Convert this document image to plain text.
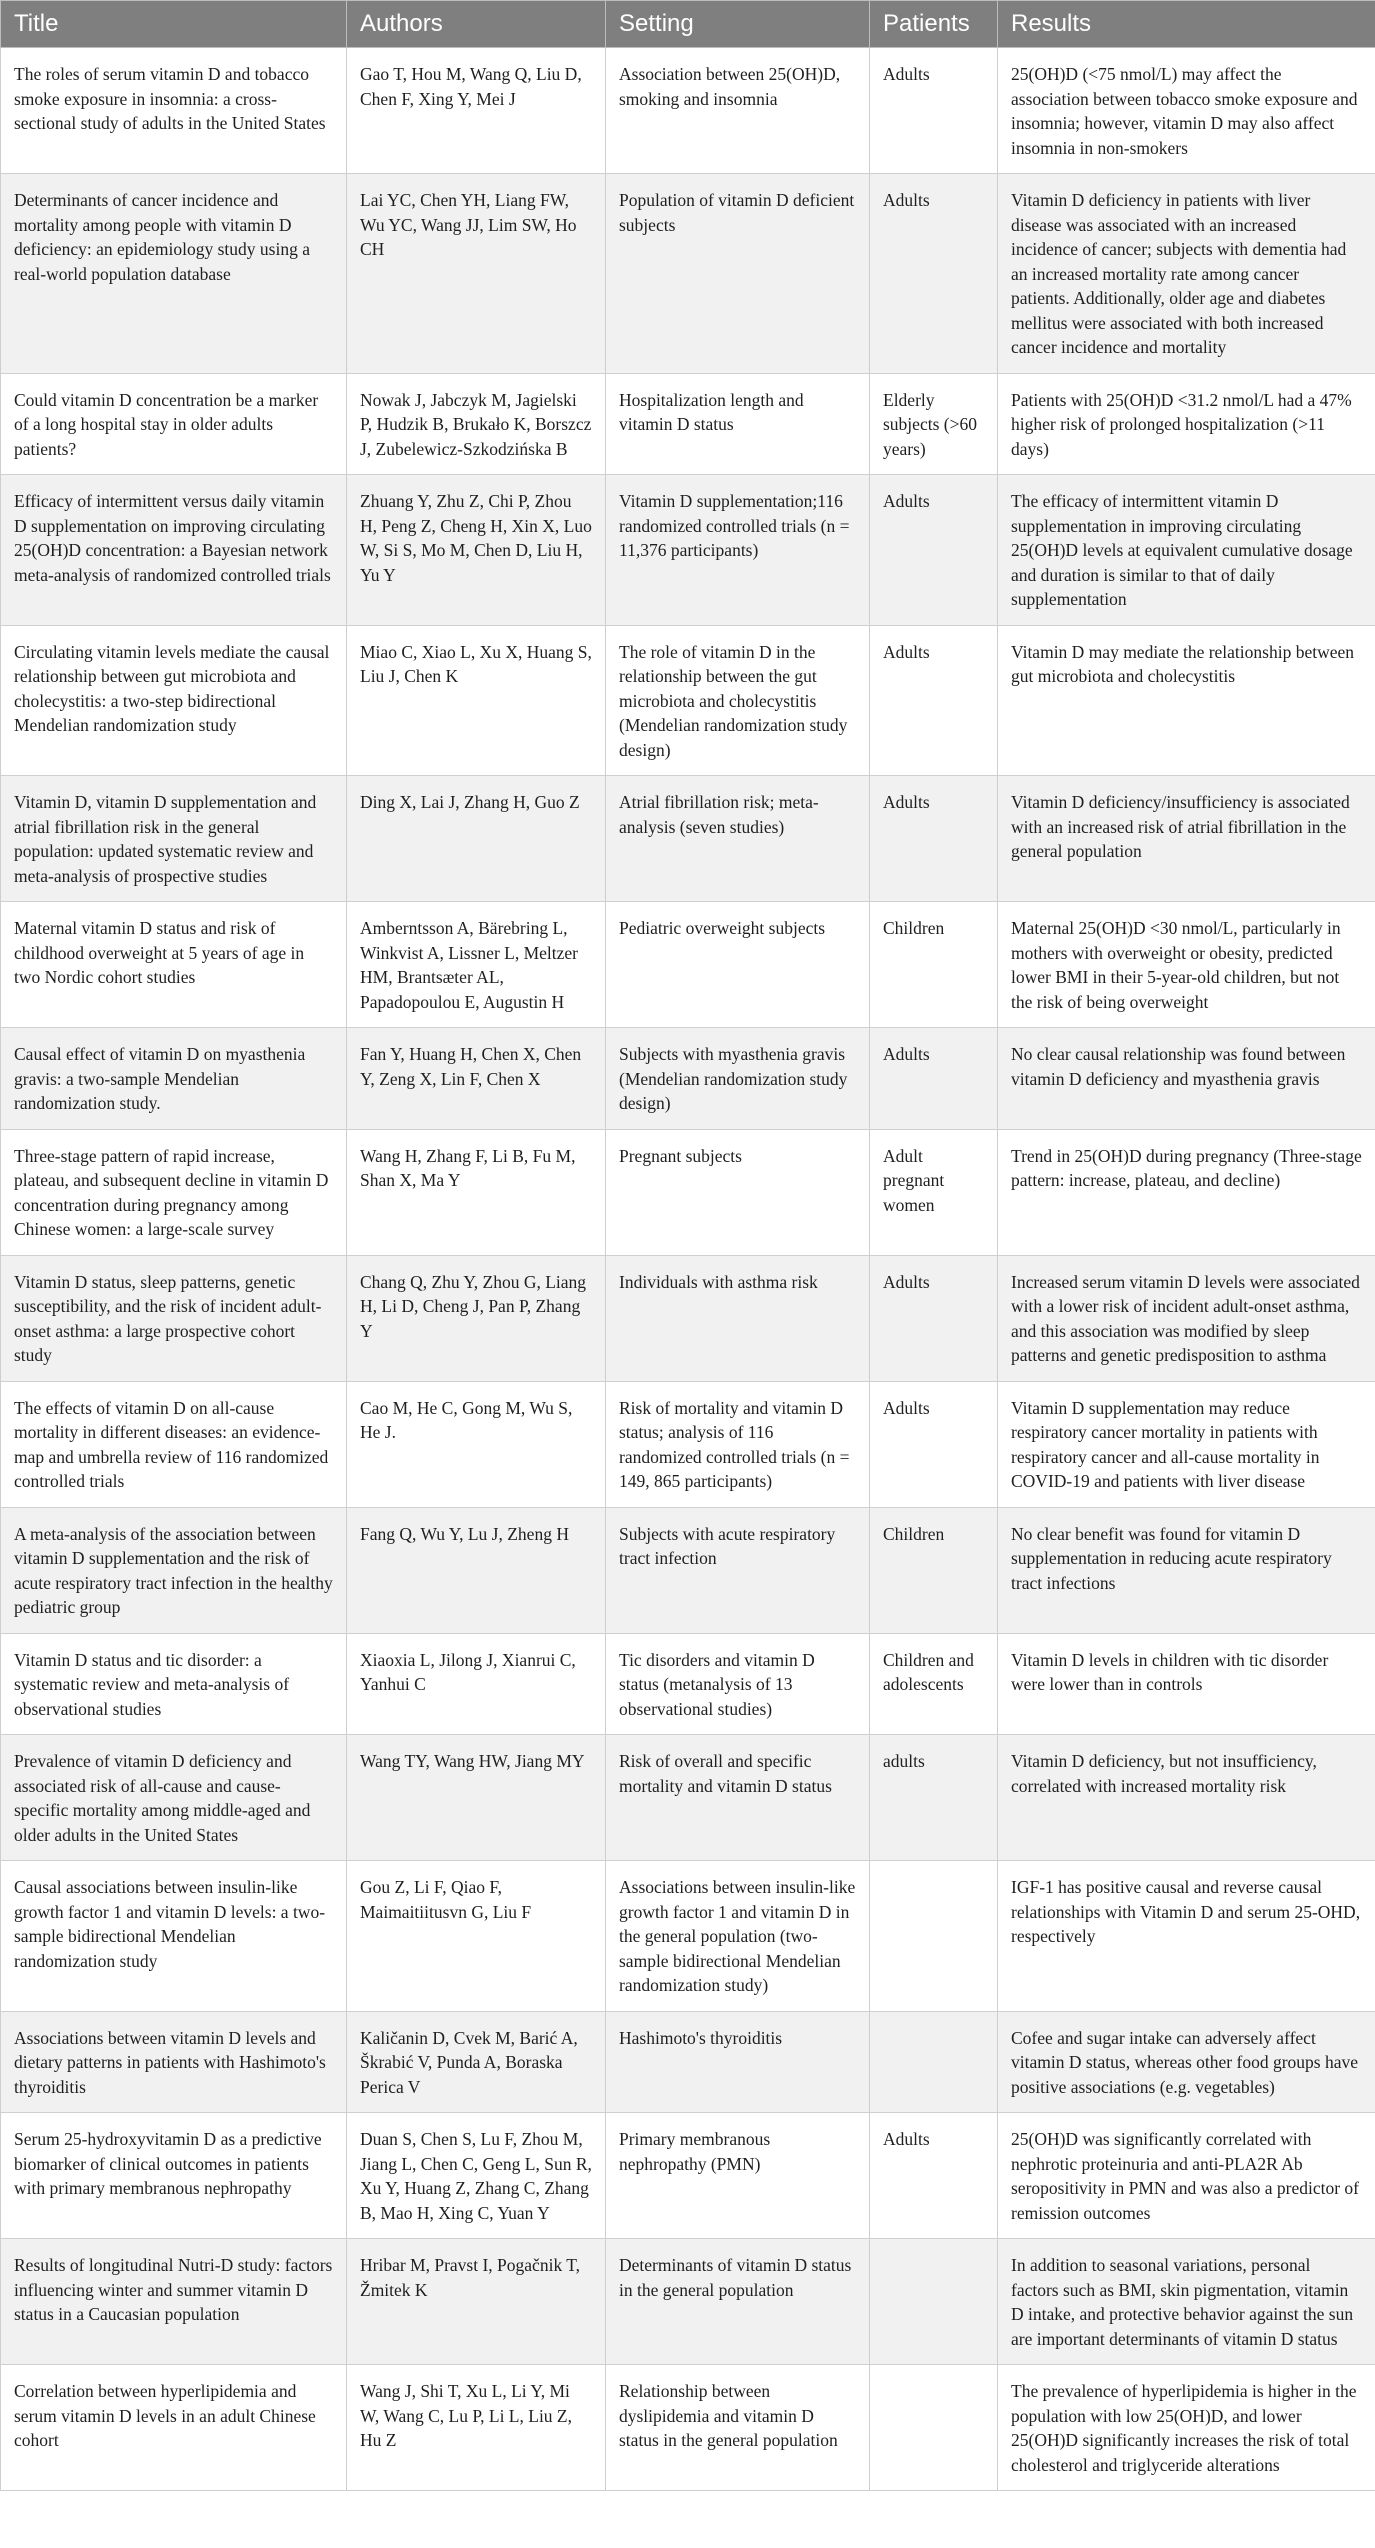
Title	Authors	Setting	Patients	Results
The roles of serum vitamin D and tobacco smoke exposure in insomnia: a cross-sectional study of adults in the United States	Gao T, Hou M, Wang Q, Liu D, Chen F, Xing Y, Mei J	Association between 25(OH)D, smoking and insomnia	Adults	25(OH)D (<75 nmol/L) may affect the association between tobacco smoke exposure and insomnia; however, vitamin D may also affect insomnia in non-smokers
Determinants of cancer incidence and mortality among people with vitamin D deficiency: an epidemiology study using a real-world population database	Lai YC, Chen YH, Liang FW, Wu YC, Wang JJ, Lim SW, Ho CH	Population of vitamin D deficient subjects	Adults	Vitamin D deficiency in patients with liver disease was associated with an increased incidence of cancer; subjects with dementia had an increased mortality rate among cancer patients. Additionally, older age and diabetes mellitus were associated with both increased cancer incidence and mortality
Could vitamin D concentration be a marker of a long hospital stay in older adults patients?	Nowak J, Jabczyk M, Jagielski P, Hudzik B, Brukało K, Borszcz J, Zubelewicz-Szkodzińska B	Hospitalization length and vitamin D status	Elderly subjects (>60 years)	Patients with 25(OH)D <31.2 nmol/L had a 47% higher risk of prolonged hospitalization (>11 days)
Efficacy of intermittent versus daily vitamin D supplementation on improving circulating 25(OH)D concentration: a Bayesian network meta-analysis of randomized controlled trials	Zhuang Y, Zhu Z, Chi P, Zhou H, Peng Z, Cheng H, Xin X, Luo W, Si S, Mo M, Chen D, Liu H, Yu Y	Vitamin D supplementation;116 randomized controlled trials (n = 11,376 participants)	Adults	The efficacy of intermittent vitamin D supplementation in improving circulating 25(OH)D levels at equivalent cumulative dosage and duration is similar to that of daily supplementation
Circulating vitamin levels mediate the causal relationship between gut microbiota and cholecystitis: a two-step bidirectional Mendelian randomization study	Miao C, Xiao L, Xu X, Huang S, Liu J, Chen K	The role of vitamin D in the relationship between the gut microbiota and cholecystitis (Mendelian randomization study design)	Adults	Vitamin D may mediate the relationship between gut microbiota and cholecystitis
Vitamin D, vitamin D supplementation and atrial fibrillation risk in the general population: updated systematic review and meta-analysis of prospective studies	Ding X, Lai J, Zhang H, Guo Z	Atrial fibrillation risk; meta-analysis (seven studies)	Adults	Vitamin D deficiency/insufficiency is associated with an increased risk of atrial fibrillation in the general population
Maternal vitamin D status and risk of childhood overweight at 5 years of age in two Nordic cohort studies	Amberntsson A, Bärebring L, Winkvist A, Lissner L, Meltzer HM, Brantsæter AL, Papadopoulou E, Augustin H	Pediatric overweight subjects	Children	Maternal 25(OH)D <30 nmol/L, particularly in mothers with overweight or obesity, predicted lower BMI in their 5-year-old children, but not the risk of being overweight
Causal effect of vitamin D on myasthenia gravis: a two-sample Mendelian randomization study.	Fan Y, Huang H, Chen X, Chen Y, Zeng X, Lin F, Chen X	Subjects with myasthenia gravis (Mendelian randomization study design)	Adults	No clear causal relationship was found between vitamin D deficiency and myasthenia gravis
Three-stage pattern of rapid increase, plateau, and subsequent decline in vitamin D concentration during pregnancy among Chinese women: a large-scale survey	Wang H, Zhang F, Li B, Fu M, Shan X, Ma Y	Pregnant subjects	Adult pregnant women	Trend in 25(OH)D during pregnancy (Three-stage pattern: increase, plateau, and decline)
Vitamin D status, sleep patterns, genetic susceptibility, and the risk of incident adult-onset asthma: a large prospective cohort study	Chang Q, Zhu Y, Zhou G, Liang H, Li D, Cheng J, Pan P, Zhang Y	Individuals with asthma risk	Adults	Increased serum vitamin D levels were associated with a lower risk of incident adult-onset asthma, and this association was modified by sleep patterns and genetic predisposition to asthma
The effects of vitamin D on all-cause mortality in different diseases: an evidence-map and umbrella review of 116 randomized controlled trials	Cao M, He C, Gong M, Wu S, He J.	Risk of mortality and vitamin D status; analysis of 116 randomized controlled trials (n = 149, 865 participants)	Adults	Vitamin D supplementation may reduce respiratory cancer mortality in patients with respiratory cancer and all-cause mortality in COVID-19 and patients with liver disease
A meta-analysis of the association between vitamin D supplementation and the risk of acute respiratory tract infection in the healthy pediatric group	Fang Q, Wu Y, Lu J, Zheng H	Subjects with acute respiratory tract infection	Children	No clear benefit was found for vitamin D supplementation in reducing acute respiratory tract infections
Vitamin D status and tic disorder: a systematic review and meta-analysis of observational studies	Xiaoxia L, Jilong J, Xianrui C, Yanhui C	Tic disorders and vitamin D status (metanalysis of 13 observational studies)	Children and adolescents	Vitamin D levels in children with tic disorder were lower than in controls
Prevalence of vitamin D deficiency and associated risk of all-cause and cause-specific mortality among middle-aged and older adults in the United States	Wang TY, Wang HW, Jiang MY	Risk of overall and specific mortality and vitamin D status	adults	Vitamin D deficiency, but not insufficiency, correlated with increased mortality risk
Causal associations between insulin-like growth factor 1 and vitamin D levels: a two-sample bidirectional Mendelian randomization study	Gou Z, Li F, Qiao F, Maimaitiitusvn G, Liu F	Associations between insulin-like growth factor 1 and vitamin D in the general population (two-sample bidirectional Mendelian randomization study)		IGF-1 has positive causal and reverse causal relationships with Vitamin D and serum 25-OHD, respectively
Associations between vitamin D levels and dietary patterns in patients with Hashimoto's thyroiditis	Kaličanin D, Cvek M, Barić A, Škrabić V, Punda A, Boraska Perica V	Hashimoto's thyroiditis		Cofee and sugar intake can adversely affect vitamin D status, whereas other food groups have positive associations (e.g. vegetables)
Serum 25-hydroxyvitamin D as a predictive biomarker of clinical outcomes in patients with primary membranous nephropathy	Duan S, Chen S, Lu F, Zhou M, Jiang L, Chen C, Geng L, Sun R, Xu Y, Huang Z, Zhang C, Zhang B, Mao H, Xing C, Yuan Y	Primary membranous nephropathy (PMN)	Adults	25(OH)D was significantly correlated with nephrotic proteinuria and anti-PLA2R Ab seropositivity in PMN and was also a predictor of remission outcomes
Results of longitudinal Nutri-D study: factors influencing winter and summer vitamin D status in a Caucasian population	Hribar M, Pravst I, Pogačnik T, Žmitek K	Determinants of vitamin D status in the general population		In addition to seasonal variations, personal factors such as BMI, skin pigmentation, vitamin D intake, and protective behavior against the sun are important determinants of vitamin D status
Correlation between hyperlipidemia and serum vitamin D levels in an adult Chinese cohort	Wang J, Shi T, Xu L, Li Y, Mi W, Wang C, Lu P, Li L, Liu Z, Hu Z	Relationship between dyslipidemia and vitamin D status in the general population		The prevalence of hyperlipidemia is higher in the population with low 25(OH)D, and lower 25(OH)D significantly increases the risk of total cholesterol and triglyceride alterations
